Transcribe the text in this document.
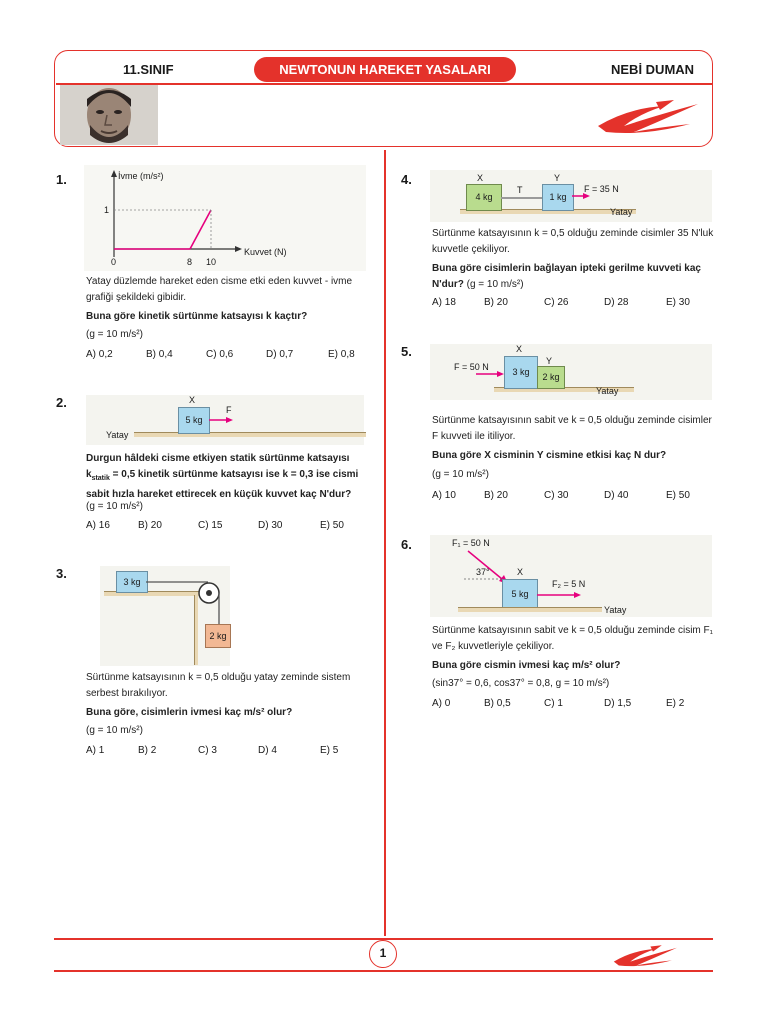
11.SINIF	NEWTONUN HAREKET YASALARI	NEBİ DUMAN
1
1.	İvme (m/s²)
Kuvvet (N)
1
0	8 10
Yatay düzlemde hareket eden cisme etki eden kuvvet - ivme grafiği şekildeki gibidir.
Buna göre kinetik sürtünme katsayısı k kaçtır?
(g = 10 m/s²)
A) 0,2	B) 0,4	C) 0,6	D) 0,7	E) 0,8
2.
5 kg
X
F
Yatay
Durgun hâldeki cisme etkiyen statik sürtünme katsayısı $k_{statik} = 0,5$ kinetik sürtünme katsayısı ise k = 0,3 ise cismi sabit hızla hareket ettirecek en küçük kuvvet kaç N'dur?
(g = 10 m/s²)
A) 16	B) 20	C) 15	D) 30	E) 50
3.
3 kg
2 kg
Sürtünme katsayısının k = 0,5 olduğu yatay zeminde sistem serbest bırakılıyor.
Buna göre, cisimlerin ivmesi kaç m/s² olur?
(g = 10 m/s²)
A) 1	B) 2	C) 3	D) 4	E) 5
4.	X	Y
4 kg
T
1 kg
F = 35 N
Yatay
Sürtünme katsayısının k = 0,5 olduğu zeminde cisimler 35 N'luk kuvvetle çekiliyor.
Buna göre cisimlerin bağlayan ipteki gerilme kuvveti kaç N'dur? (g = 10 m/s²)
A) 18	B) 20	C) 26	D) 28	E) 30
5.
F = 50 N
X
Y
3 kg	2 kg
Yatay
Sürtünme katsayısının sabit ve k = 0,5 olduğu zeminde cisimler F kuvveti ile itiliyor.
Buna göre X cisminin Y cismine etkisi kaç N dur?
(g = 10 m/s²)
A) 10	B) 20	C) 30	D) 40	E) 50
6.	F₁ = 50 N
37°	X
5 kg
F₂ = 5 N
Yatay
Sürtünme katsayısının sabit ve k = 0,5 olduğu zeminde cisim F₁ ve F₂ kuvvetleriyle çekiliyor.
Buna göre cismin ivmesi kaç m/s² olur?
(sin37° = 0,6, cos37° = 0,8, g = 10 m/s²)
A) 0	B) 0,5	C) 1	D) 1,5	E) 2
